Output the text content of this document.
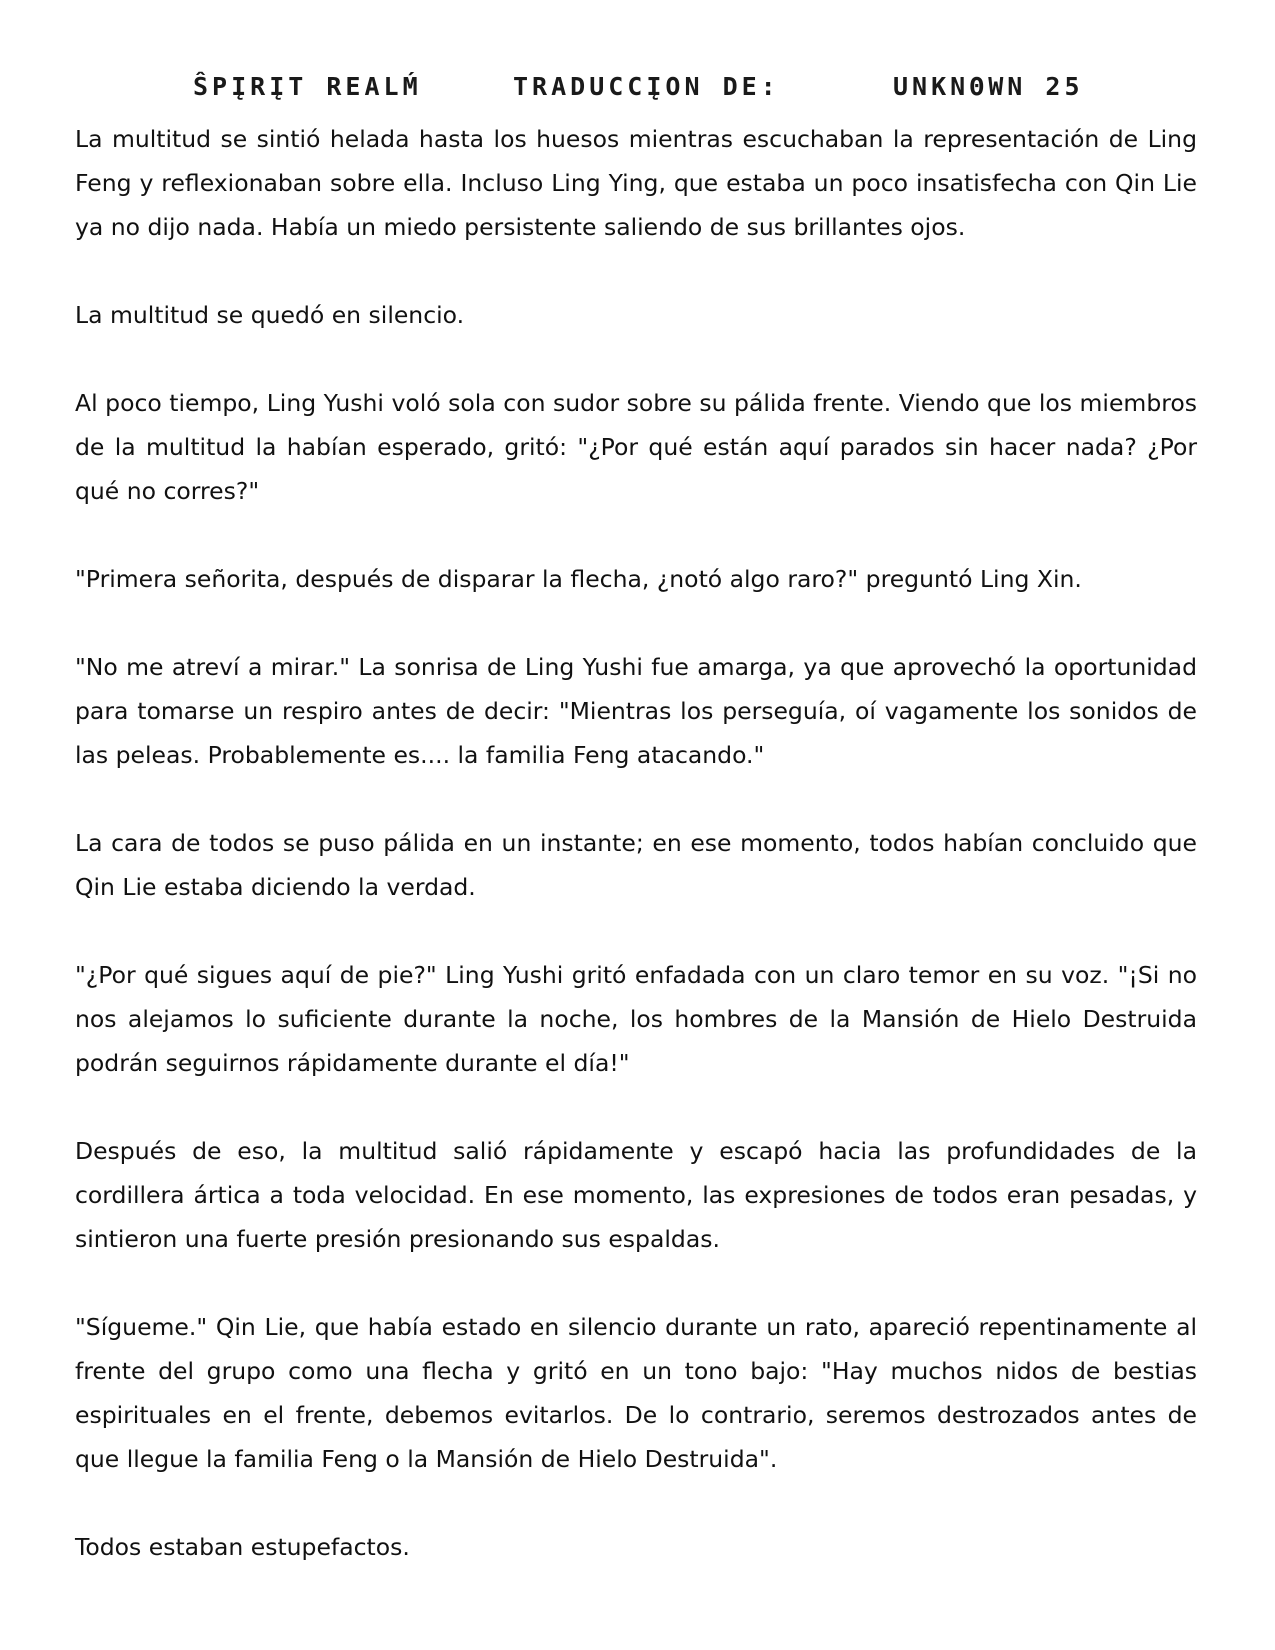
ŜPĮRĮT REALḾ	TRADUCCĮON DE:	UNKNΘWN 25

La multitud se sintió helada hasta los huesos mientras escuchaban la representación de Ling Feng y reflexionaban sobre ella. Incluso Ling Ying, que estaba un poco insatisfecha con Qin Lie ya no dijo nada. Había un miedo persistente saliendo de sus brillantes ojos.

La multitud se quedó en silencio.

Al poco tiempo, Ling Yushi voló sola con sudor sobre su pálida frente. Viendo que los miembros de la multitud la habían esperado, gritó: "¿Por qué están aquí parados sin hacer nada? ¿Por qué no corres?"

"Primera señorita, después de disparar la flecha, ¿notó algo raro?" preguntó Ling Xin.

"No me atreví a mirar." La sonrisa de Ling Yushi fue amarga, ya que aprovechó la oportunidad para tomarse un respiro antes de decir: "Mientras los perseguía, oí vagamente los sonidos de las peleas. Probablemente es.... la familia Feng atacando."

La cara de todos se puso pálida en un instante; en ese momento, todos habían concluido que Qin Lie estaba diciendo la verdad.

"¿Por qué sigues aquí de pie?" Ling Yushi gritó enfadada con un claro temor en su voz. "¡Si no nos alejamos lo suficiente durante la noche, los hombres de la Mansión de Hielo Destruida podrán seguirnos rápidamente durante el día!"

Después de eso, la multitud salió rápidamente y escapó hacia las profundidades de la cordillera ártica a toda velocidad. En ese momento, las expresiones de todos eran pesadas, y sintieron una fuerte presión presionando sus espaldas.

"Sígueme." Qin Lie, que había estado en silencio durante un rato, apareció repentinamente al frente del grupo como una flecha y gritó en un tono bajo: "Hay muchos nidos de bestias espirituales en el frente, debemos evitarlos. De lo contrario, seremos destrozados antes de que llegue la familia Feng o la Mansión de Hielo Destruida".

Todos estaban estupefactos.
